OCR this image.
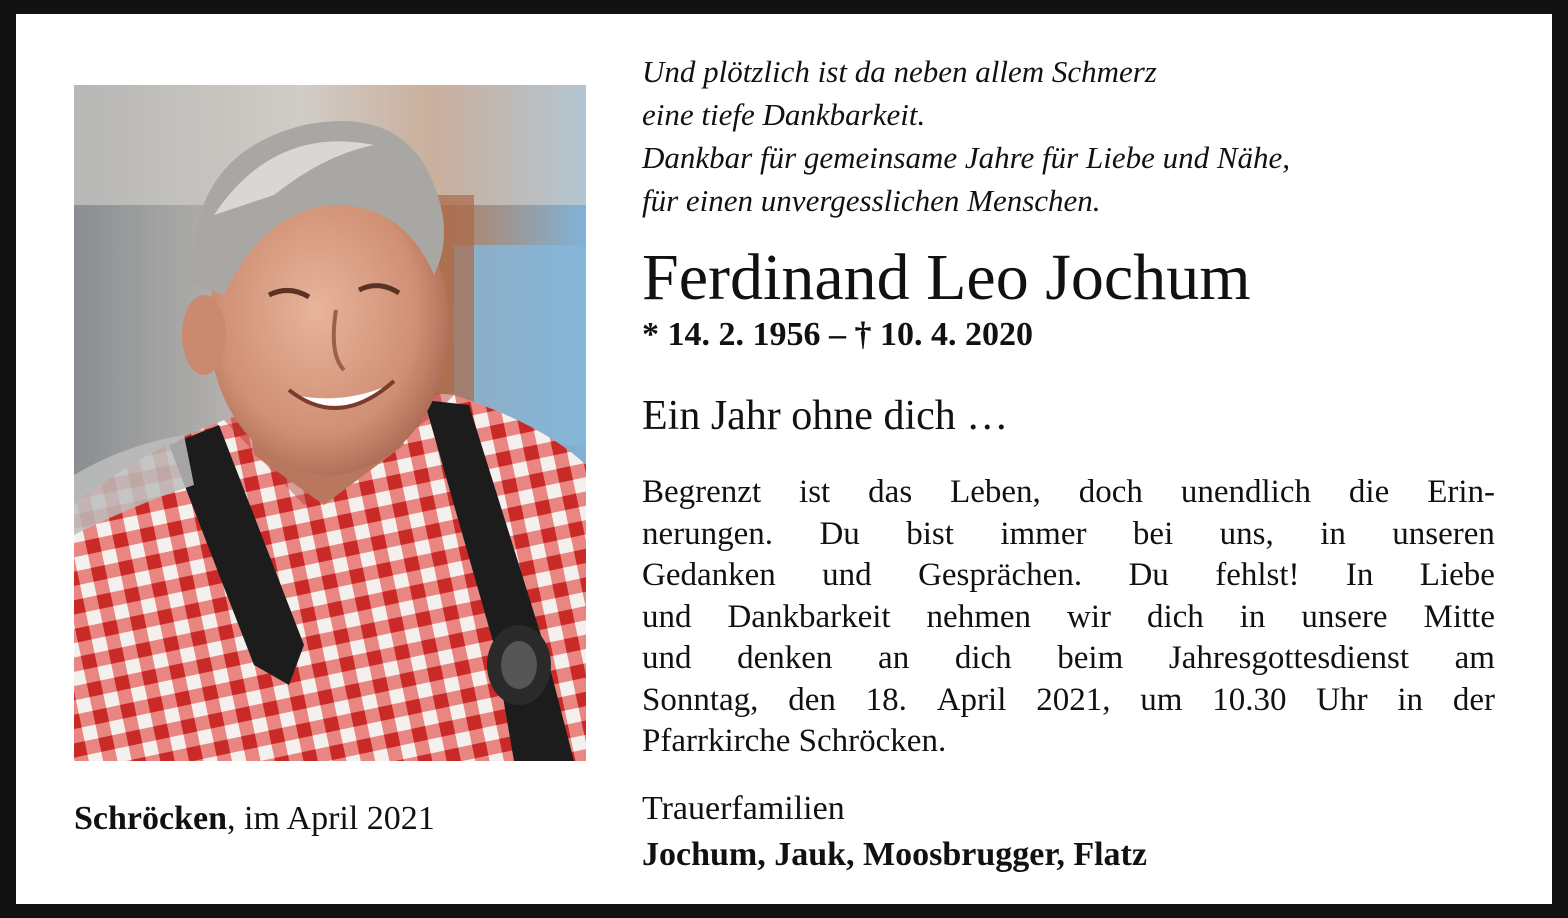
Und plötzlich ist da neben allem Schmerz
eine tiefe Dankbarkeit.
Dankbar für gemeinsame Jahre für Liebe und Nähe,
für einen unvergesslichen Menschen.
Ferdinand Leo Jochum
* 14. 2. 1956 – † 10. 4. 2020
Ein Jahr ohne dich …
Begrenzt ist das Leben, doch unendlich die Erin-
nerungen. Du bist immer bei uns, in unseren
Gedanken und Gesprächen. Du fehlst! In Liebe
und Dankbarkeit nehmen wir dich in unsere Mitte
und denken an dich beim Jahresgottesdienst am
Sonntag, den 18. April 2021, um 10.30 Uhr in der
Pfarrkirche Schröcken.
Schröcken, im April 2021	Trauerfamilien
Jochum, Jauk, Moosbrugger, Flatz
